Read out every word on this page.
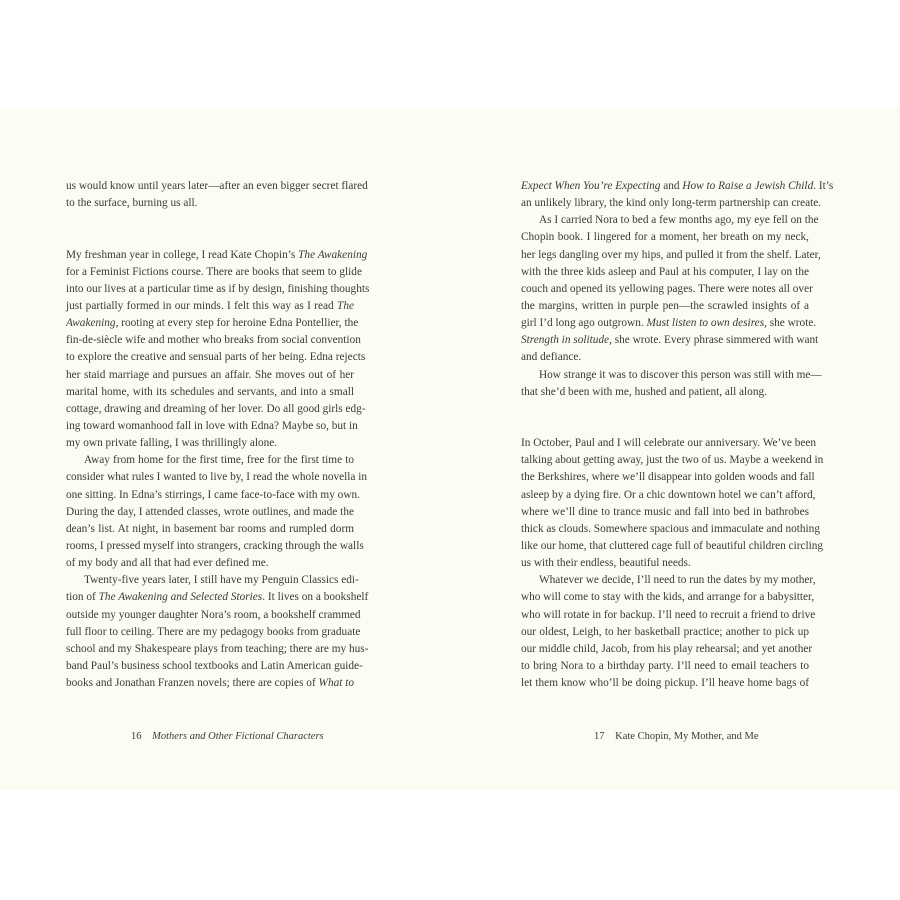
us would know until years later—after an even bigger secret flared
to the surface, burning us all.
My freshman year in college, I read Kate Chopin’s The Awakening
for a Feminist Fictions course. There are books that seem to glide
into our lives at a particular time as if by design, finishing thoughts
just partially formed in our minds. I felt this way as I read The
Awakening, rooting at every step for heroine Edna Pontellier, the
fin-de-siècle wife and mother who breaks from social convention
to explore the creative and sensual parts of her being. Edna rejects
her staid marriage and pursues an affair. She moves out of her
marital home, with its schedules and servants, and into a small
cottage, drawing and dreaming of her lover. Do all good girls edg-
ing toward womanhood fall in love with Edna? Maybe so, but in
my own private falling, I was thrillingly alone.
Away from home for the first time, free for the first time to
consider what rules I wanted to live by, I read the whole novella in
one sitting. In Edna’s stirrings, I came face-to-face with my own.
During the day, I attended classes, wrote outlines, and made the
dean’s list. At night, in basement bar rooms and rumpled dorm
rooms, I pressed myself into strangers, cracking through the walls
of my body and all that had ever defined me.
Twenty-five years later, I still have my Penguin Classics edi-
tion of The Awakening and Selected Stories. It lives on a bookshelf
outside my younger daughter Nora’s room, a bookshelf crammed
full floor to ceiling. There are my pedagogy books from graduate
school and my Shakespeare plays from teaching; there are my hus-
band Paul’s business school textbooks and Latin American guide-
books and Jonathan Franzen novels; there are copies of What to
Expect When You’re Expecting and How to Raise a Jewish Child
an unlikely library, the kind only long-term partnership can create.
As I carried Nora to bed a few months ago, my eye fell on the
Chopin book. I lingered for a moment, her breath on my neck,
her legs dangling over my hips, and pulled it from the shelf. Later,
with the three kids asleep and Paul at his computer, I lay on the
couch and opened its yellowing pages. There were notes all over
the margins, written in purple pen—the scrawled insights of a
girl I’d long ago outgrown. Must listen to own desires, she wrote.
Strength in solitude, she wrote. Every phrase simmered with want
and defiance.
How strange it was to discover this person was still with me—
that she’d been with me, hushed and patient, all along.
In October, Paul and I will celebrate our anniversary. We’ve been
talking about getting away, just the two of us. Maybe a weekend in
the Berkshires, where we’ll disappear into golden woods and fall
asleep by a dying fire. Or a chic downtown hotel we can’t afford,
where we’ll dine to trance music and fall into bed in bathrobes
thick as clouds. Somewhere spacious and immaculate and nothing
like our home, that cluttered cage full of beautiful children circling
us with their endless, beautiful needs.
Whatever we decide, I’ll need to run the dates by my mother,
who will come to stay with the kids, and arrange for a babysitter,
who will rotate in for backup. I’ll need to recruit a friend to drive
our oldest, Leigh, to her basketball practice; another to pick up
our middle child, Jacob, from his play rehearsal; and yet another
to bring Nora to a birthday party. I’ll need to email teachers to
let them know who’ll be doing pickup. I’ll heave home bags of
16 Mothers and Other Fictional Characters	17 Kate Chopin, My Mother, and Me
